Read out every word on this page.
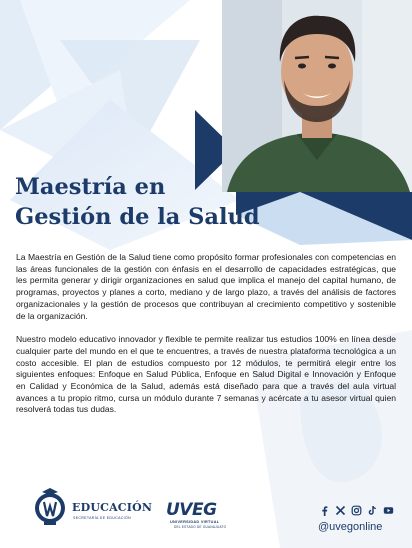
Maestría en
Gestión de la Salud

La Maestría en Gestión de la Salud tiene como propósito formar profesionales con competencias en las áreas funcionales de la gestión con énfasis en el desarrollo de capacidades estratégicas, que les permita generar y dirigir organizaciones en salud que implica el manejo del capital humano, de programas, proyectos y planes a corto, mediano y de largo plazo, a través del análisis de factores organizacionales y la gestión de procesos que contribuyan al crecimiento competitivo y sostenible de la organización.

Nuestro modelo educativo innovador y flexible te permite realizar tus estudios 100% en línea desde cualquier parte del mundo en el que te encuentres, a través de nuestra plataforma tecnológica a un costo accesible. El plan de estudios compuesto por 12 módulos, te permitirá elegir entre los siguientes enfoques: Enfoque en Salud Pública, Enfoque en Salud Digital e Innovación y Enfoque en Calidad y Económica de la Salud, además está diseñado para que a través del aula virtual avances a tu propio ritmo, cursa un módulo durante 7 semanas y acércate a tu asesor virtual quien resolverá todas tus dudas.

EDUCACIÓN
SECRETARÍA DE EDUCACIÓN UVEG
UNIVERSIDAD VIRTUAL
DEL ESTADO DE GUANAJUATO	@uvegonline
